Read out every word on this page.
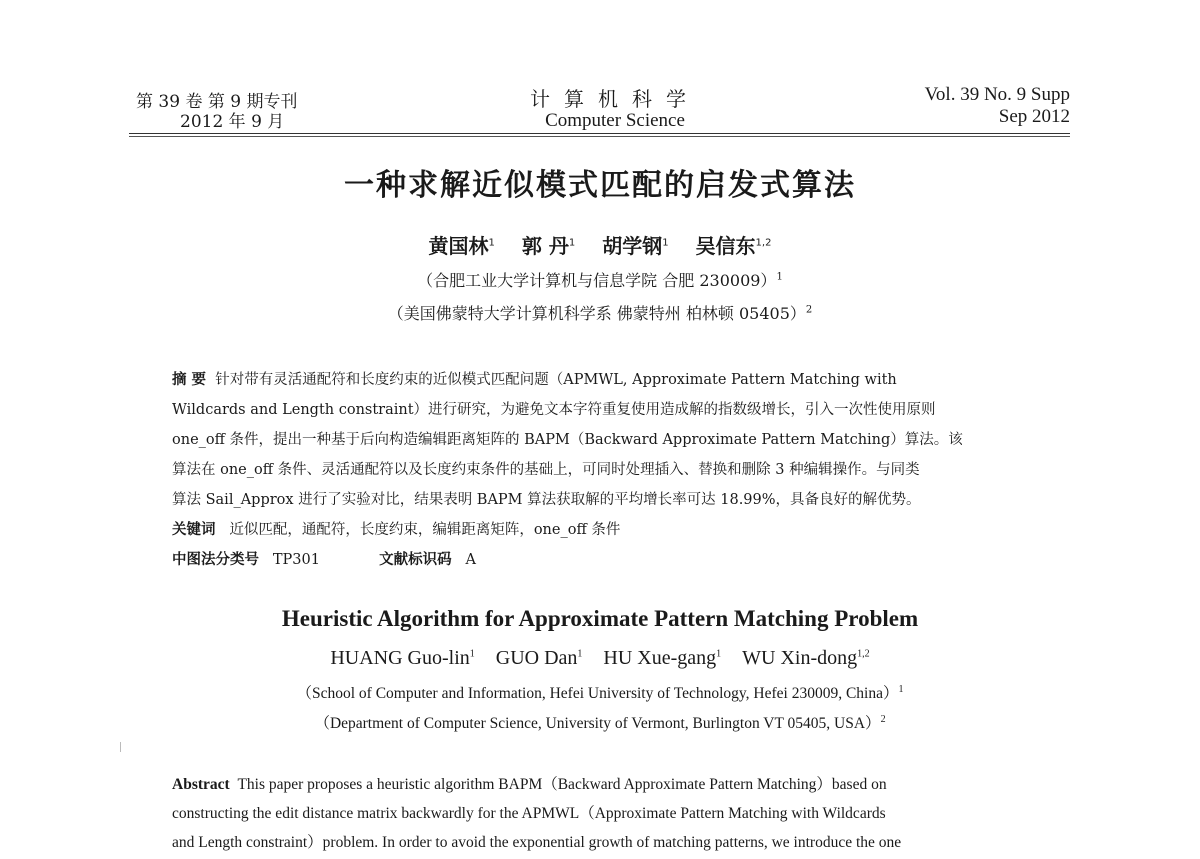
第 39 卷 第 9 期专刊
2012 年 9 月
计算机科学
Computer Science
Vol. 39 No. 9 Supp
Sep 2012
一种求解近似模式匹配的启发式算法
黄国林$^1$ 郭 丹$^1$ 胡学钢$^1$ 吴信东$^{1,2}$
（合肥工业大学计算机与信息学院 合肥 230009）$^1$
（美国佛蒙特大学计算机科学系 佛蒙特州 柏林顿 05405）$^2$
摘 要 针对带有灵活通配符和长度约束的近似模式匹配问题（APMWL, Approximate Pattern Matching with
Wildcards and Length constraint）进行研究，为避免文本字符重复使用造成解的指数级增长，引入一次性使用原则
one_off 条件，提出一种基于后向构造编辑距离矩阵的 BAPM（Backward Approximate Pattern Matching）算法。该
算法在 one_off 条件、灵活通配符以及长度约束条件的基础上，可同时处理插入、替换和删除 3 种编辑操作。与同类
算法 Sail_Approx 进行了实验对比，结果表明 BAPM 算法获取解的平均增长率可达 18.99%，具备良好的解优势。
关键词 近似匹配，通配符，长度约束，编辑距离矩阵，one_off 条件
中图法分类号 TP301	文献标识码 A
Heuristic Algorithm for Approximate Pattern Matching Problem
HUANG Guo-lin$^1$ GUO Dan$^1$ HU Xue-gang$^1$ WU Xin-dong$^{1,2}$
（School of Computer and Information, Hefei University of Technology, Hefei 230009, China）$^1$
（Department of Computer Science, University of Vermont, Burlington VT 05405, USA）$^2$
Abstract This paper proposes a heuristic algorithm BAPM（Backward Approximate Pattern Matching）based on
constructing the edit distance matrix backwardly for the APMWL（Approximate Pattern Matching with Wildcards
and Length constraint）problem. In order to avoid the exponential growth of matching patterns, we introduce the one
